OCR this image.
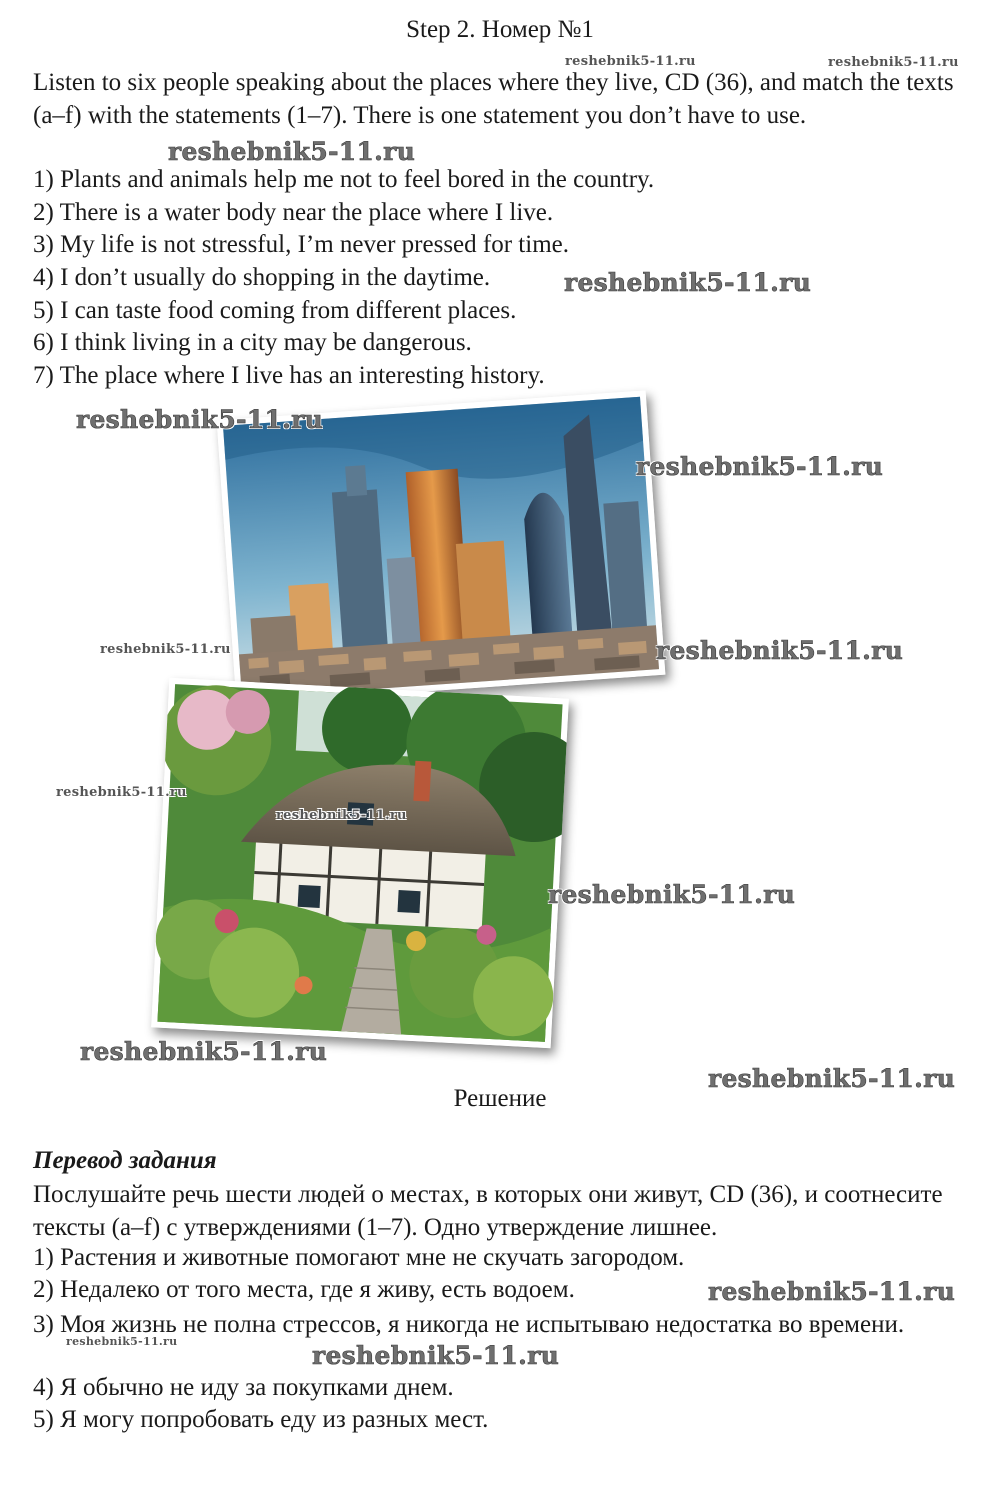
Step 2. Номер №1
Listen to six people speaking about the places where they live, CD (36), and match the texts (a–f) with the statements (1–7). There is one statement you don’t have to use.
1) Plants and animals help me not to feel bored in the country.
2) There is a water body near the place where I live.
3) My life is not stressful, I’m never pressed for time.
4) I don’t usually do shopping in the daytime.
5) I can taste food coming from different places.
6) I think living in a city may be dangerous.
7) The place where I live has an interesting history.
Решение
Перевод задания
Послушайте речь шести людей о местах, в которых они живут, CD (36), и соотнесите тексты (a–f) с утверждениями (1–7). Одно утверждение лишнее.
1) Растения и животные помогают мне не скучать загородом.
2) Недалеко от того места, где я живу, есть водоем.
3) Моя жизнь не полна стрессов, я никогда не испытываю недостатка во времени.
4) Я обычно не иду за покупками днем.
5) Я могу попробовать еду из разных мест.
reshebnik5-11.ru	reshebnik5-11.ru
reshebnik5-11.ru
reshebnik5-11.ru
reshebnik5-11.ru
reshebnik5-11.ru
reshebnik5-11.ru	reshebnik5-11.ru
reshebnik5-11.ru
reshebnik5-11.ru
reshebnik5-11.ru
reshebnik5-11.ru
reshebnik5-11.ru
reshebnik5-11.ru
reshebnik5-11.ru	reshebnik5-11.ru
